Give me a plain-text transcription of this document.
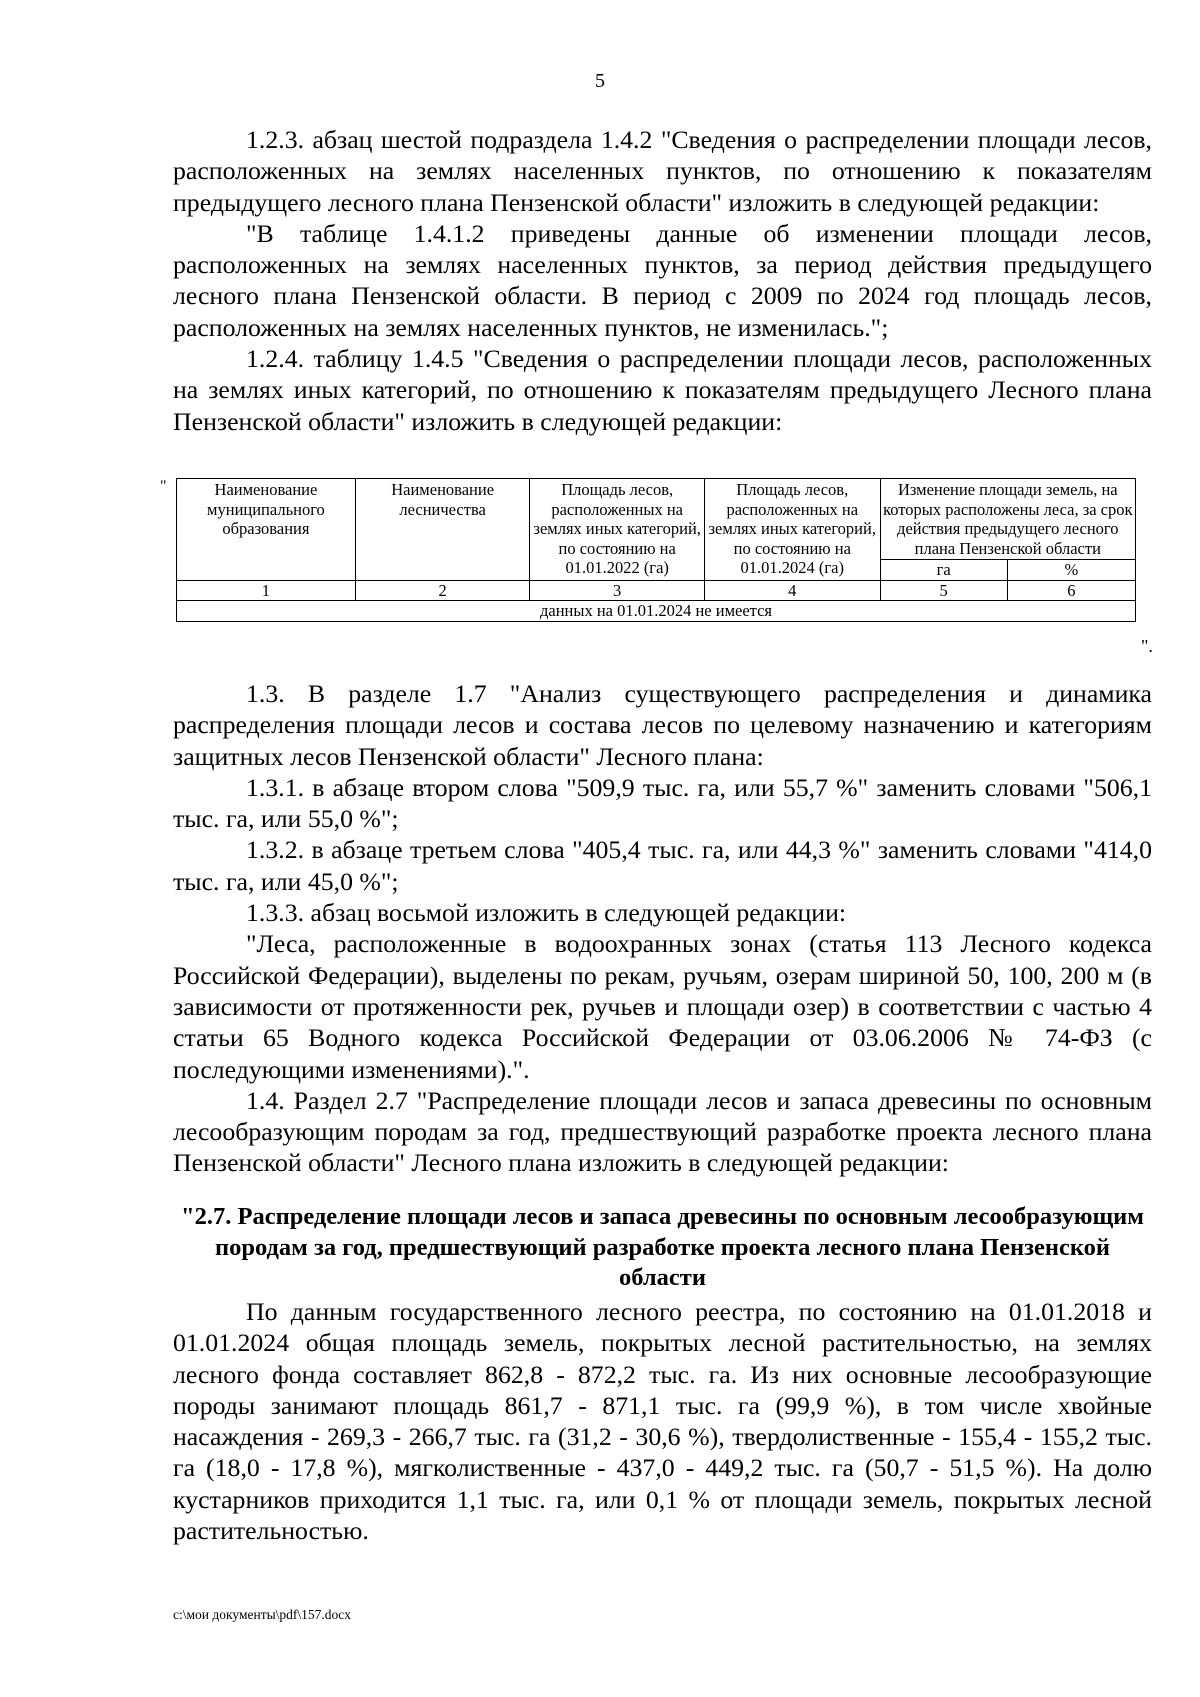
5

1.2.3. абзац шестой подраздела 1.4.2 "Сведения о распределении площади лесов, расположенных на землях населенных пунктов, по отношению к показателям предыдущего лесного плана Пензенской области" изложить в следующей редакции:

"В таблице 1.4.1.2 приведены данные об изменении площади лесов, расположенных на землях населенных пунктов, за период действия предыдущего лесного плана Пензенской области. В период с 2009 по 2024 год площадь лесов, расположенных на землях населенных пунктов, не изменилась.";

1.2.4. таблицу 1.4.5 "Сведения о распределении площади лесов, расположенных на землях иных категорий, по отношению к показателям предыдущего Лесного плана Пензенской области" изложить в следующей редакции:

"	Наименование муниципального образования	Наименование лесничества	Площадь лесов, расположенных на землях иных категорий, по состоянию на 01.01.2022 (га)	Площадь лесов, расположенных на землях иных категорий, по состоянию на 01.01.2024 (га)	Изменение площади земель, на которых расположены леса, за срок действия предыдущего лесного плана Пензенской области	
				га	%
1	2	3	4	5	6
данных на 01.01.2024 не имеется					
".

1.3. В разделе 1.7 "Анализ существующего распределения и динамика распределения площади лесов и состава лесов по целевому назначению и категориям защитных лесов Пензенской области" Лесного плана:

1.3.1. в абзаце втором слова "509,9 тыс. га, или 55,7 %" заменить словами "506,1 тыс. га, или 55,0 %";

1.3.2. в абзаце третьем слова "405,4 тыс. га, или 44,3 %" заменить словами "414,0 тыс. га, или 45,0 %";

1.3.3. абзац восьмой изложить в следующей редакции:

"Леса, расположенные в водоохранных зонах (статья 113 Лесного кодекса Российской Федерации), выделены по рекам, ручьям, озерам шириной 50, 100, 200 м (в зависимости от протяженности рек, ручьев и площади озер) в соответствии с частью 4 статьи 65 Водного кодекса Российской Федерации от 03.06.2006 № 74-ФЗ (с последующими изменениями).".

1.4. Раздел 2.7 "Распределение площади лесов и запаса древесины по основным лесообразующим породам за год, предшествующий разработке проекта лесного плана Пензенской области" Лесного плана изложить в следующей редакции:

"2.7. Распределение площади лесов и запаса древесины по основным лесообразующим породам за год, предшествующий разработке проекта лесного плана Пензенской области

По данным государственного лесного реестра, по состоянию на 01.01.2018 и 01.01.2024 общая площадь земель, покрытых лесной растительностью, на землях лесного фонда составляет 862,8 - 872,2 тыс. га. Из них основные лесообразующие породы занимают площадь 861,7 - 871,1 тыс. га (99,9 %), в том числе хвойные насаждения - 269,3 - 266,7 тыс. га (31,2 - 30,6 %), твердолиственные - 155,4 - 155,2 тыс. га (18,0 - 17,8 %), мягколиственные - 437,0 - 449,2 тыс. га (50,7 - 51,5 %). На долю кустарников приходится 1,1 тыс. га, или 0,1 % от площади земель, покрытых лесной растительностью.

c:\мои документы\pdf\157.docx
